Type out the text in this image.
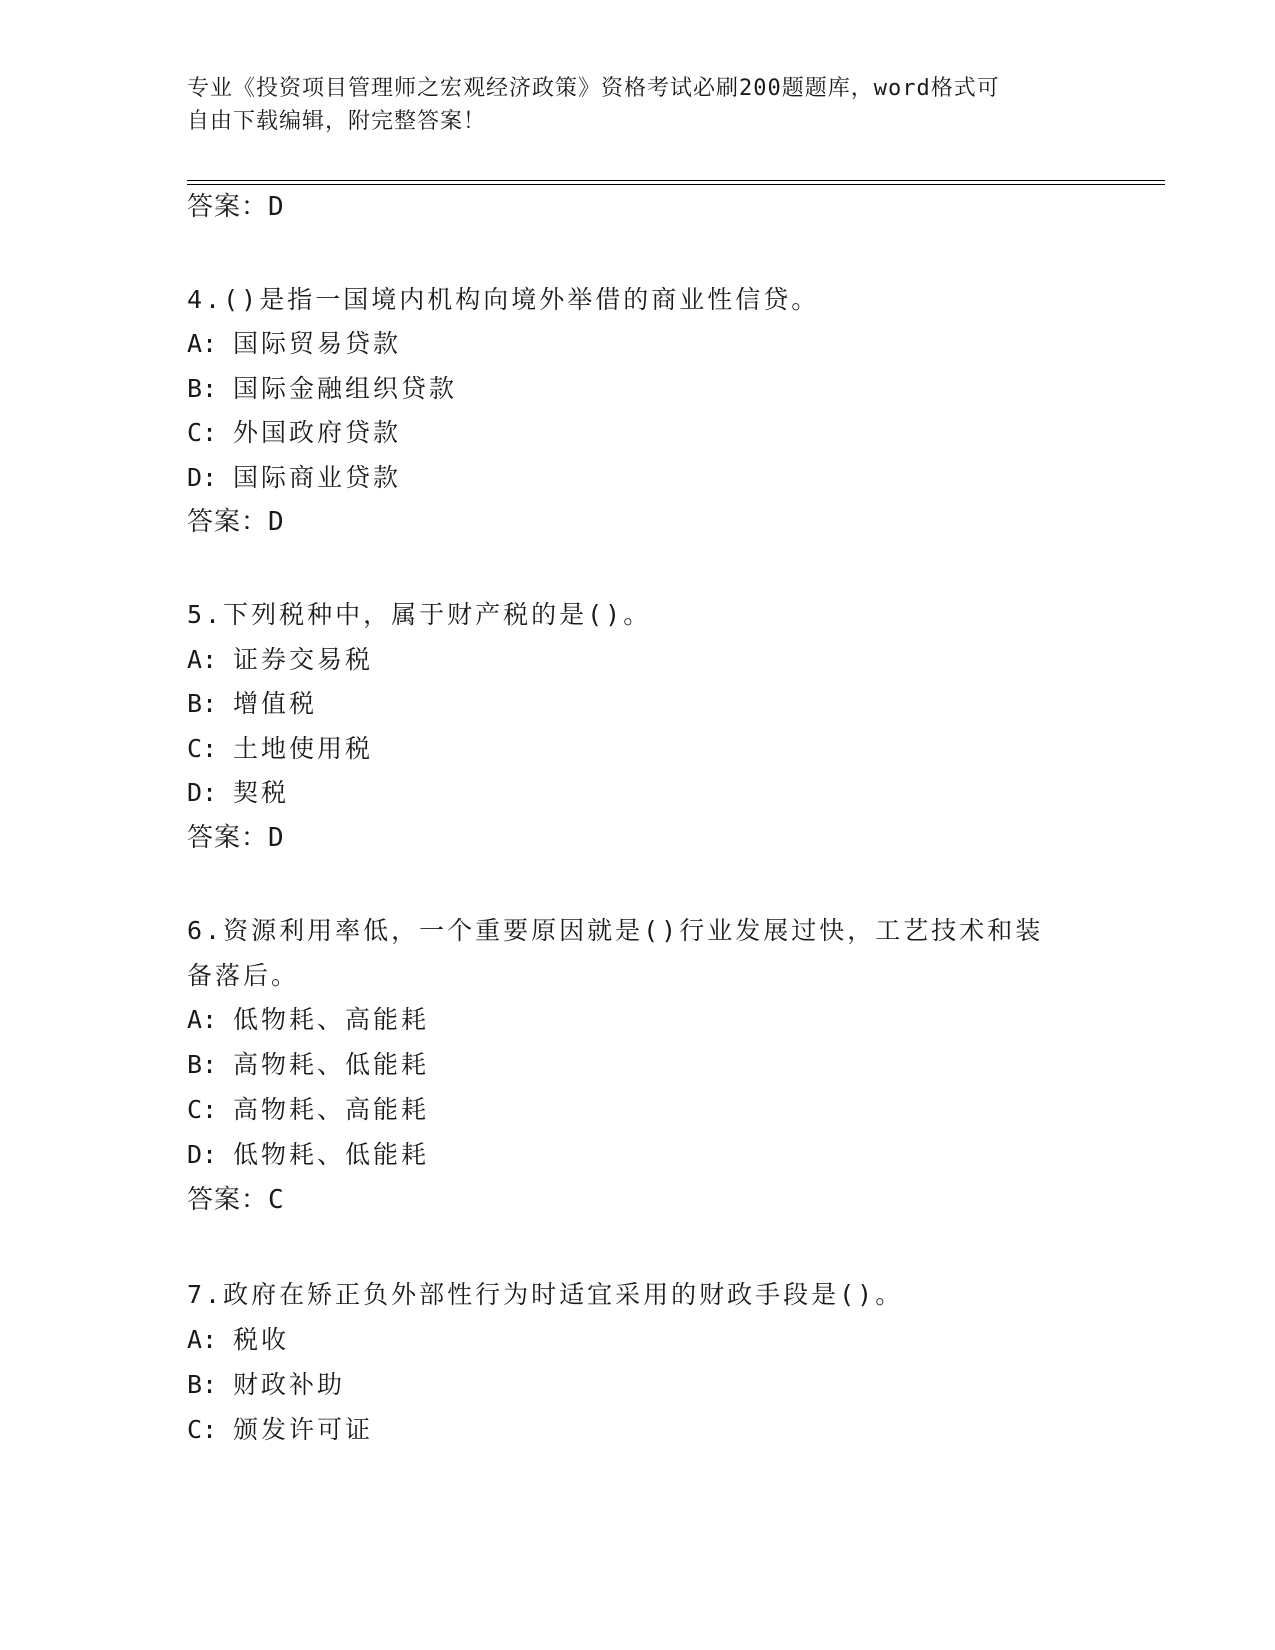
专业《投资项目管理师之宏观经济政策》资格考试必刷200题题库，word格式可
自由下载编辑，附完整答案！
答案：D
4.()是指一国境内机构向境外举借的商业性信贷。
A: 国际贸易贷款
B: 国际金融组织贷款
C: 外国政府贷款
D: 国际商业贷款
答案：D
5.下列税种中，属于财产税的是()。
A: 证券交易税
B: 增值税
C: 土地使用税
D: 契税
答案：D
6.资源利用率低，一个重要原因就是()行业发展过快，工艺技术和装备落后。
A: 低物耗、高能耗
B: 高物耗、低能耗
C: 高物耗、高能耗
D: 低物耗、低能耗
答案：C
7.政府在矫正负外部性行为时适宜采用的财政手段是()。
A: 税收
B: 财政补助
C: 颁发许可证
